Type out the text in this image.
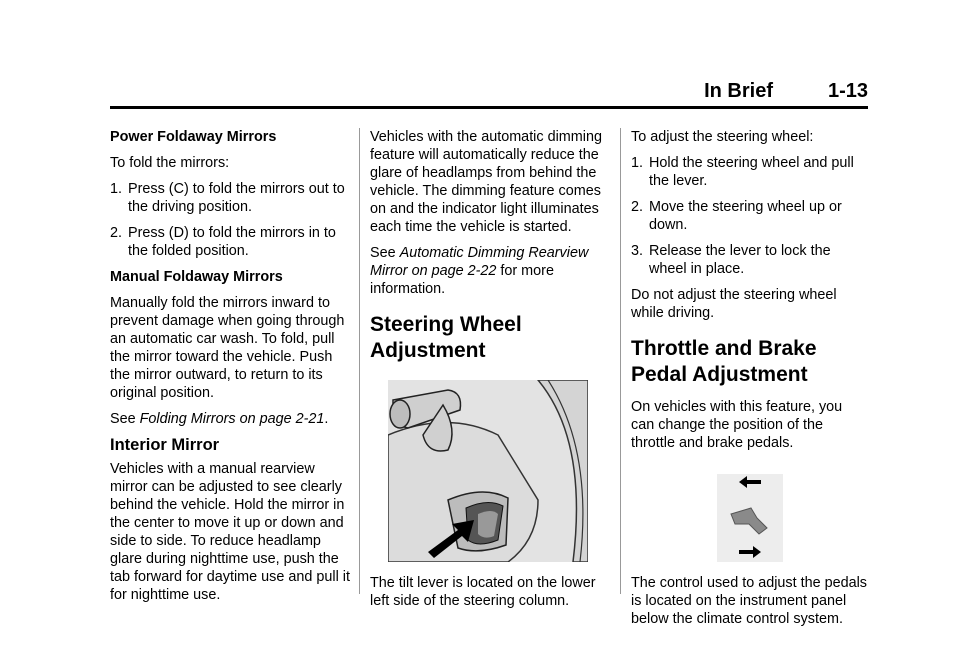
In Brief	1-13
Power Foldaway Mirrors

To fold the mirrors:

1. Press (C) to fold the mirrors out to the driving position.
2. Press (D) to fold the mirrors in to the folded position.
Manual Foldaway Mirrors

Manually fold the mirrors inward to prevent damage when going through an automatic car wash. To fold, pull the mirror toward the vehicle. Push the mirror outward, to return to its original position.

See Folding Mirrors on page 2-21.

Interior Mirror

Vehicles with a manual rearview mirror can be adjusted to see clearly behind the vehicle. Hold the mirror in the center to move it up or down and side to side. To reduce headlamp glare during nighttime use, push the tab forward for daytime use and pull it for nighttime use.

Vehicles with the automatic dimming feature will automatically reduce the glare of headlamps from behind the vehicle. The dimming feature comes on and the indicator light illuminates each time the vehicle is started.

See Automatic Dimming Rearview Mirror on page 2-22 for more information.

Steering Wheel Adjustment

The tilt lever is located on the lower left side of the steering column.

To adjust the steering wheel:

1. Hold the steering wheel and pull the lever.
2. Move the steering wheel up or down.
3. Release the lever to lock the wheel in place.

Do not adjust the steering wheel while driving.

Throttle and Brake Pedal Adjustment

On vehicles with this feature, you can change the position of the throttle and brake pedals.

The control used to adjust the pedals is located on the instrument panel below the climate control system.
